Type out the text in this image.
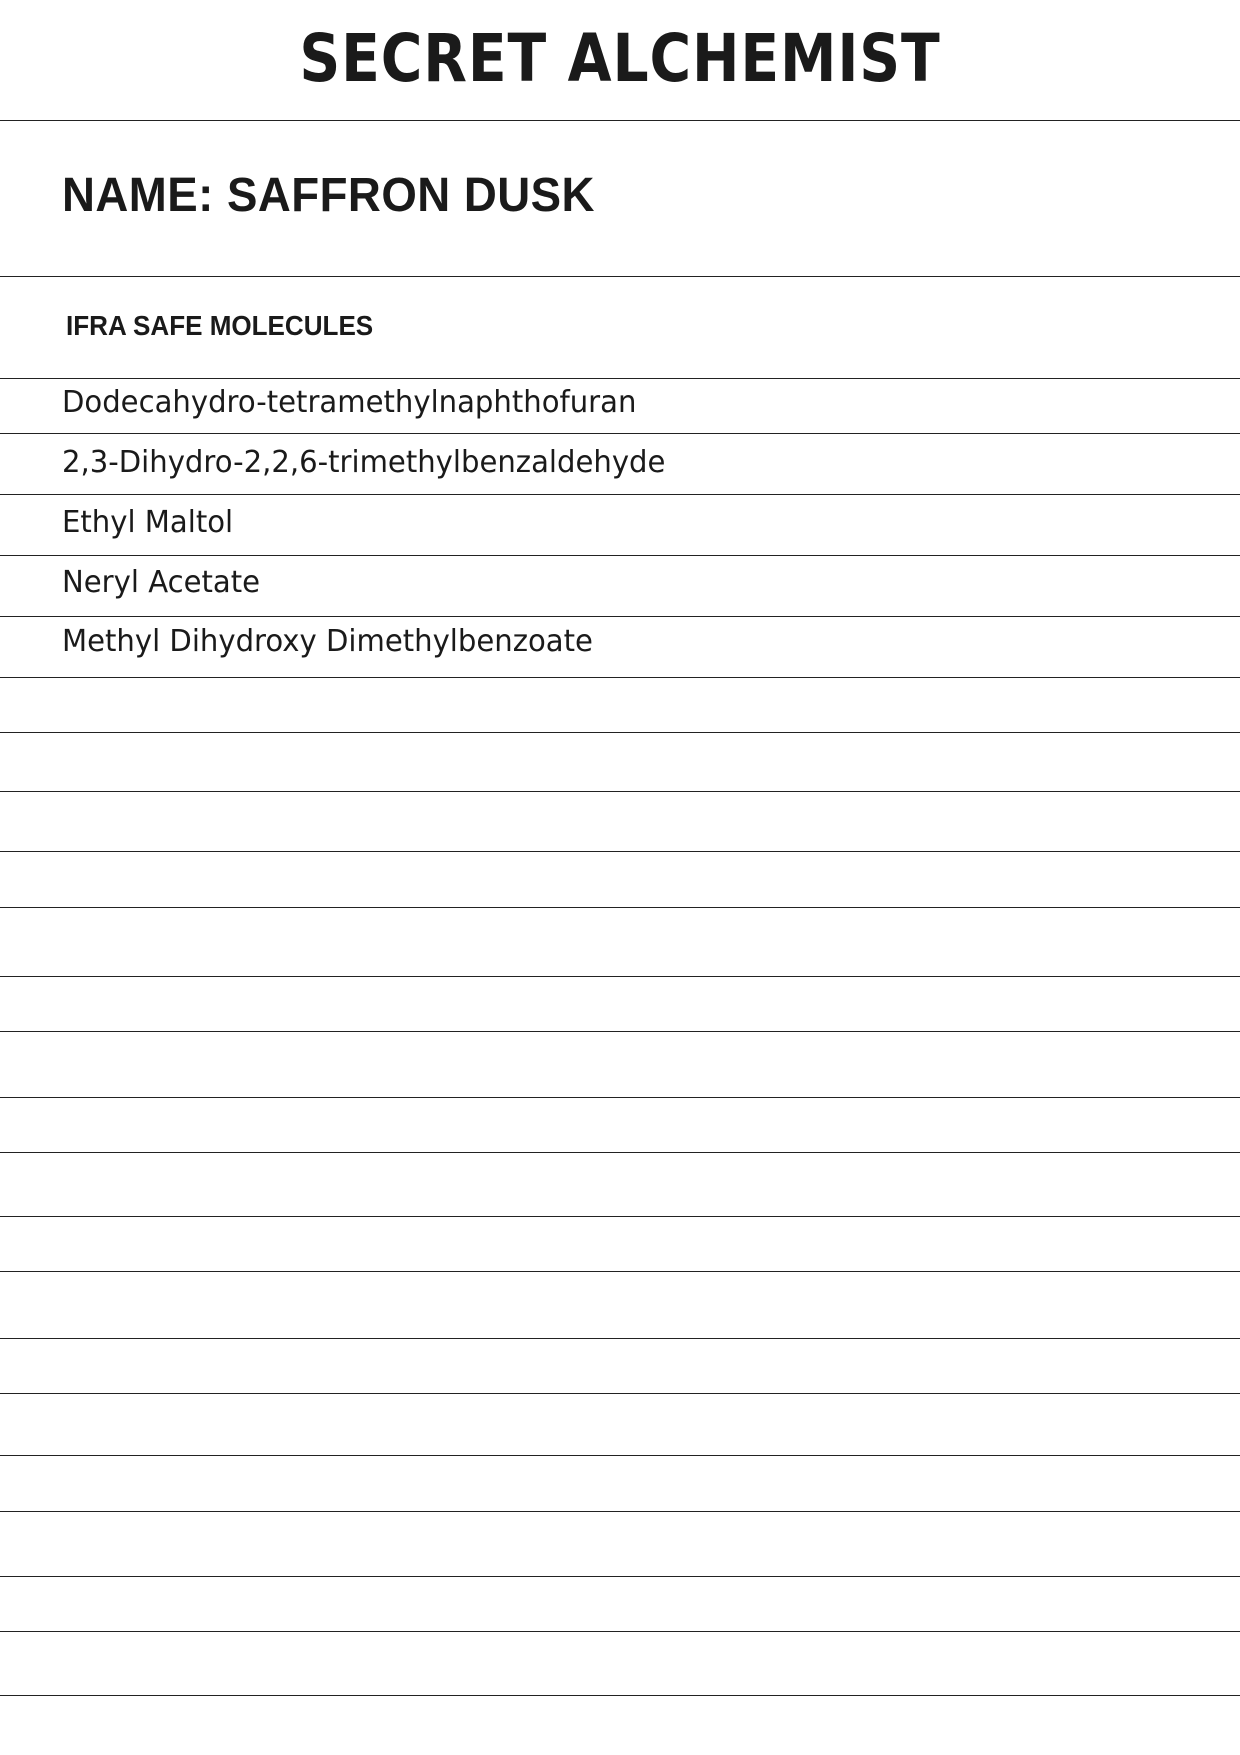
SECRET ALCHEMIST
NAME: SAFFRON DUSK
IFRA SAFE MOLECULES

Dodecahydro-tetramethylnaphthofuran

2,3-Dihydro-2,2,6-trimethylbenzaldehyde

Ethyl Maltol

Neryl Acetate

Methyl Dihydroxy Dimethylbenzoate
